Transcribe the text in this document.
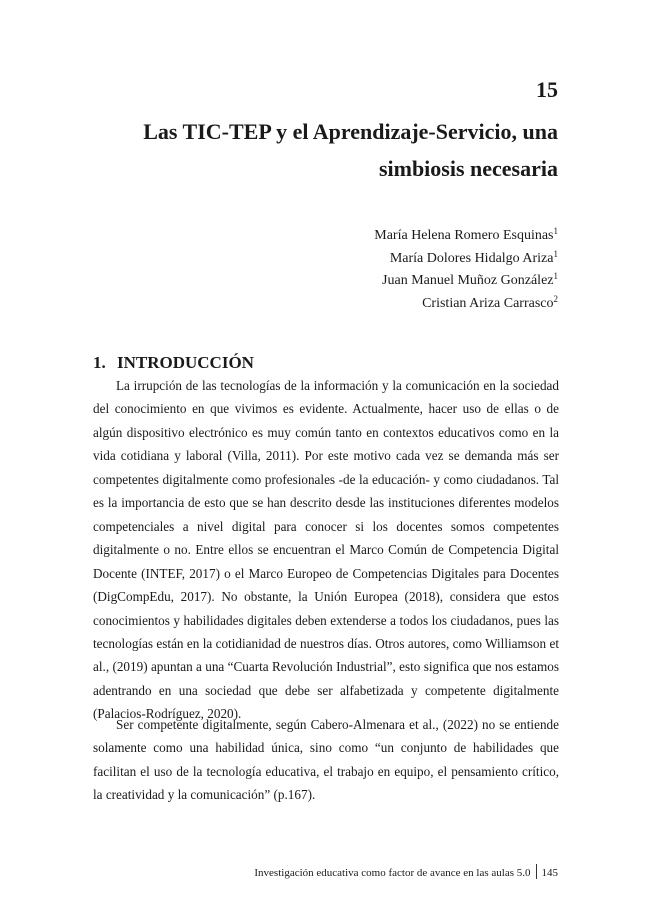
15

Las TIC-TEP y el Aprendizaje-Servicio, una simbiosis necesaria
María Helena Romero Esquinas$^1$
María Dolores Hidalgo Ariza$^1$
Juan Manuel Muñoz González$^1$
Cristian Ariza Carrasco$^2$
1. INTRODUCCIÓN

La irrupción de las tecnologías de la información y la comunicación en la sociedad del conocimiento en que vivimos es evidente. Actualmente, hacer uso de ellas o de algún dispositivo electrónico es muy común tanto en contextos educativos como en la vida cotidiana y laboral (Villa, 2011). Por este motivo cada vez se demanda más ser competentes digitalmente como profesionales -de la educación- y como ciudadanos. Tal es la importancia de esto que se han descrito desde las instituciones diferentes modelos competenciales a nivel digital para conocer si los docentes somos competentes digitalmente o no. Entre ellos se encuentran el Marco Común de Competencia Digital Docente (INTEF, 2017) o el Marco Europeo de Competencias Digitales para Docentes (DigCompEdu, 2017). No obstante, la Unión Europea (2018), considera que estos conocimientos y habilidades digitales deben extenderse a todos los ciudadanos, pues las tecnologías están en la cotidianidad de nuestros días. Otros autores, como Williamson et al., (2019) apuntan a una “Cuarta Revolución Industrial”, esto significa que nos estamos adentrando en una sociedad que debe ser alfabetizada y competente digitalmente (Palacios-Rodríguez, 2020).

Ser competente digitalmente, según Cabero-Almenara et al., (2022) no se entiende solamente como una habilidad única, sino como “un conjunto de habilidades que facilitan el uso de la tecnología educativa, el trabajo en equipo, el pensamiento crítico, la creatividad y la comunicación” (p.167).

Investigación educativa como factor de avance en las aulas 5.0 145
